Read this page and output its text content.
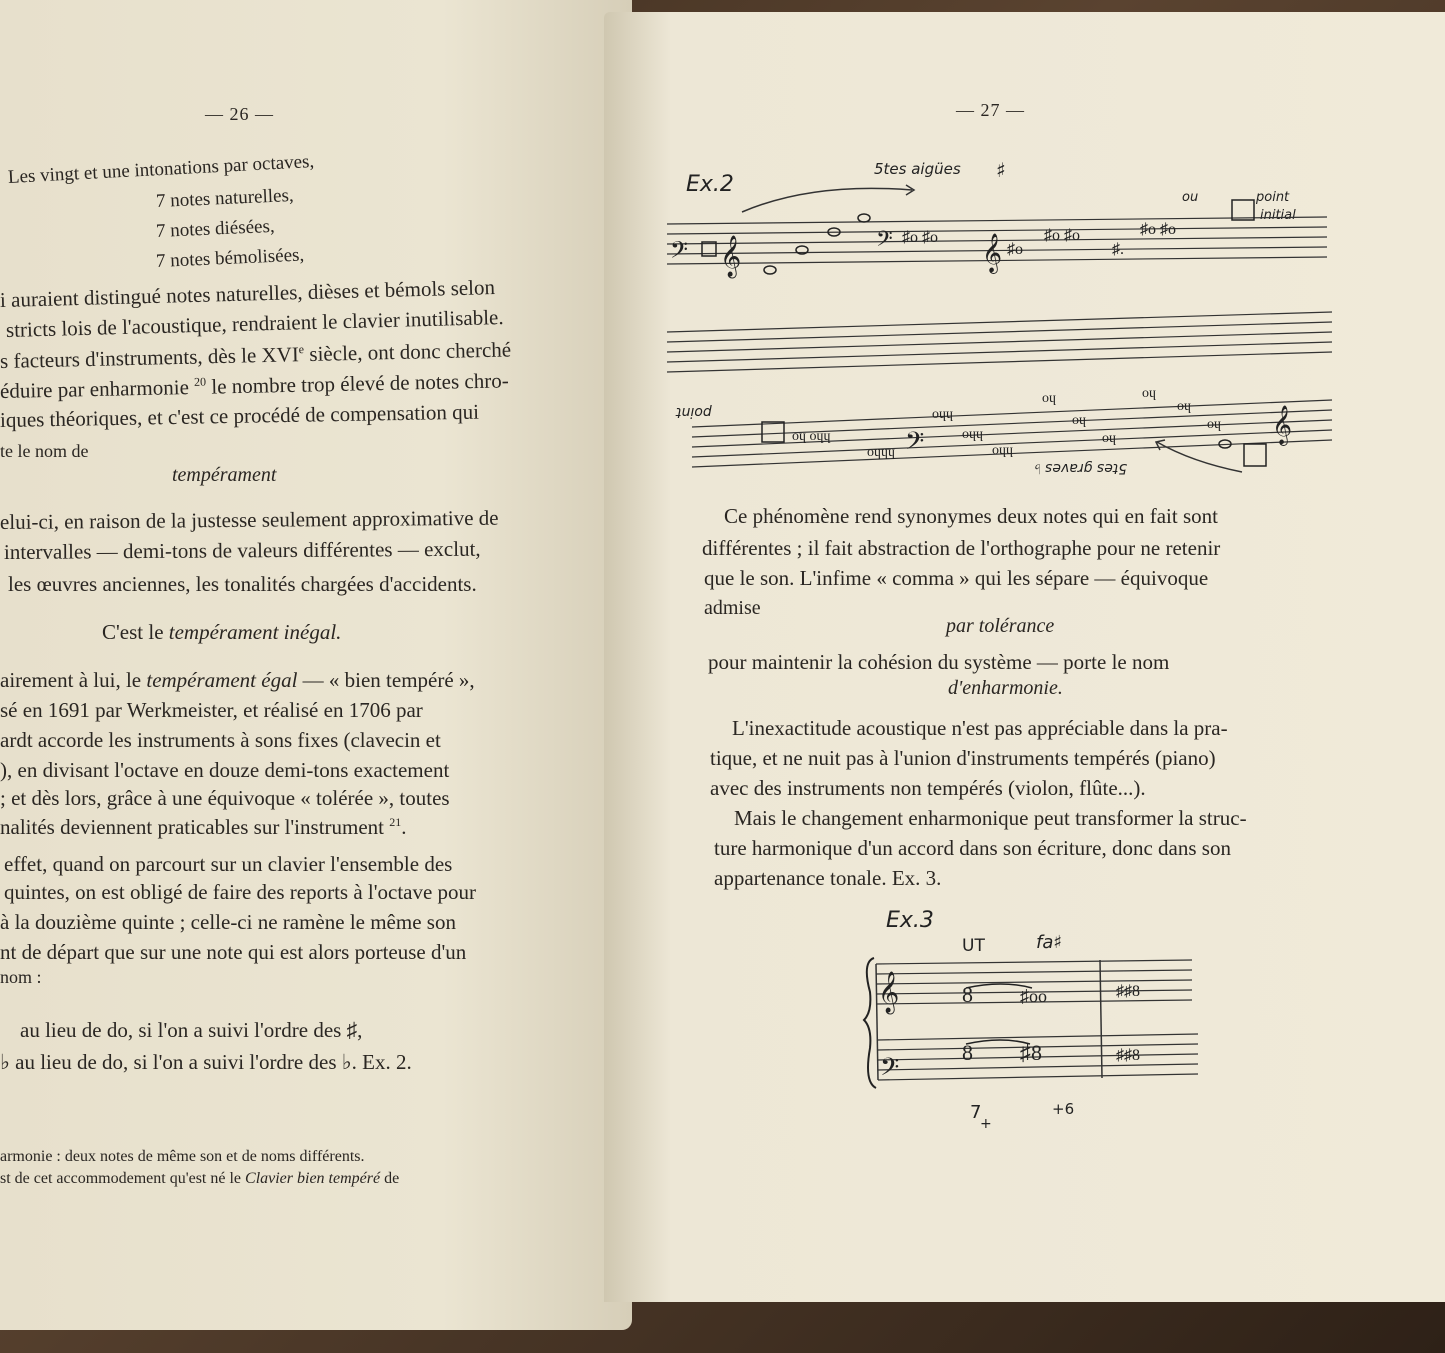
— 26 —
Les vingt et une intonations par octaves,
7 notes naturelles,
7 notes diésées,
7 notes bémolisées,
i auraient distingué notes naturelles, dièses et bémols selon
stricts lois de l'acoustique, rendraient le clavier inutilisable.
s facteurs d'instruments, dès le XVIe siècle, ont donc cherché
éduire par enharmonie $^{20}$ le nombre trop élevé de notes chro-
iques théoriques, et c'est ce procédé de compensation qui
te le nom de
tempérament
elui-ci, en raison de la justesse seulement approximative de
intervalles — demi-tons de valeurs différentes — exclut,
les œuvres anciennes, les tonalités chargées d'accidents.
C'est le tempérament inégal.
airement à lui, le tempérament égal — « bien tempéré »,
sé en 1691 par Werkmeister, et réalisé en 1706 par
ardt accorde les instruments à sons fixes (clavecin et
), en divisant l'octave en douze demi-tons exactement
; et dès lors, grâce à une équivoque « tolérée », toutes
nalités deviennent praticables sur l'instrument $^{21}$.
effet, quand on parcourt sur un clavier l'ensemble des
quintes, on est obligé de faire des reports à l'octave pour
à la douzième quinte ; celle-ci ne ramène le même son
nt de départ que sur une note qui est alors porteuse d'un
nom :
au lieu de do, si l'on a suivi l'ordre des ♯,
♭ au lieu de do, si l'on a suivi l'ordre des ♭. Ex. 2.
armonie : deux notes de même son et de noms différents.
st de cet accommodement qu'est né le Clavier bien tempéré de
— 27 —
Ex.2
5tes aigües ♯
ou	point
initial
𝄢 𝄞	𝄢 ♯o ♯o 𝄞 ♯o
♯o ♯o
♯.
♯o ♯o
oɥ oɥɥ
oɥɥɥ 𝄢
oɥɥ
oɥɥ
oɥɥ
oɥ
oɥ
oɥ
oɥ
oɥ
oɥ 𝄞
point
5tes graves ♭
Ce phénomène rend synonymes deux notes qui en fait sont
différentes ; il fait abstraction de l'orthographe pour ne retenir
que le son. L'infime « comma » qui les sépare — équivoque
admise
par tolérance
pour maintenir la cohésion du système — porte le nom
d'enharmonie.
L'inexactitude acoustique n'est pas appréciable dans la pra-
tique, et ne nuit pas à l'union d'instruments tempérés (piano)
avec des instruments non tempérés (violon, flûte...).
Mais le changement enharmonique peut transformer la struc-
ture harmonique d'un accord dans son écriture, donc dans son
appartenance tonale. Ex. 3.
Ex.3
UT	fa♯
𝄞
𝄢
8	♯oo	♯♯8
8 ♯8	♯♯8
7
+
+6
